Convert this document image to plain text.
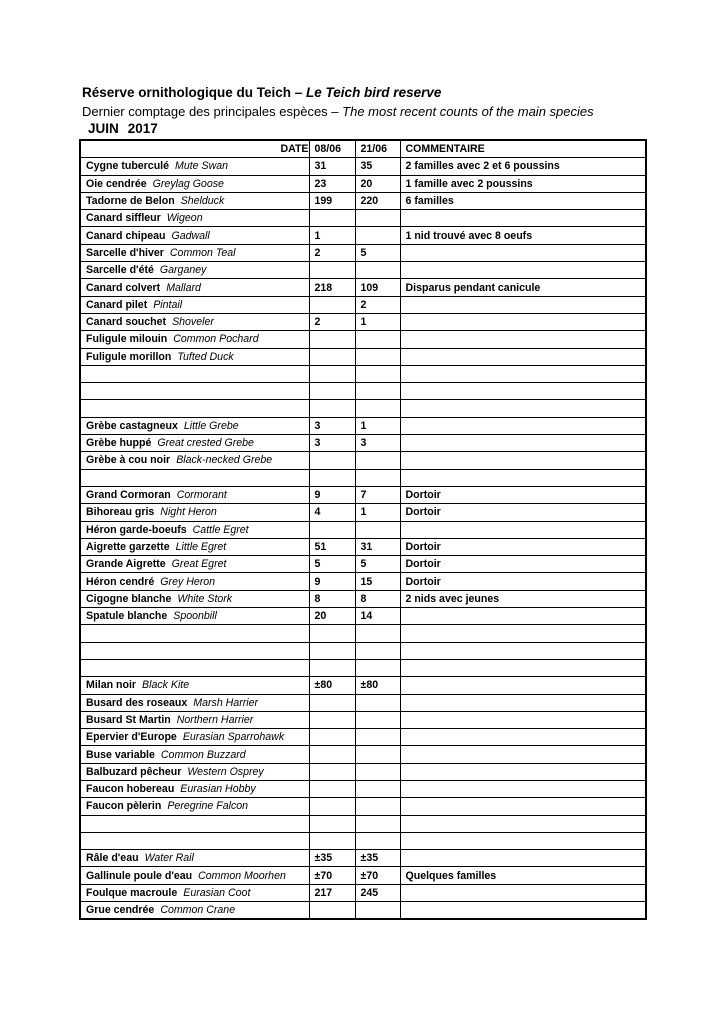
Réserve ornithologique du Teich – Le Teich bird reserve
Dernier comptage des principales espèces – The most recent counts of the main species
JUIN 2017
DATE	08/06	21/06	COMMENTAIRE
Cygne tuberculé Mute Swan	31	35	2 familles avec 2 et 6 poussins
Oie cendrée Greylag Goose	23	20	1 famille avec 2 poussins
Tadorne de Belon Shelduck	199	220	6 familles
Canard siffleur Wigeon			
Canard chipeau Gadwall	1		1 nid trouvé avec 8 oeufs
Sarcelle d'hiver Common Teal	2	5	
Sarcelle d'été Garganey			
Canard colvert Mallard	218	109	Disparus pendant canicule
Canard pilet Pintail		2	
Canard souchet Shoveler	2	1	
Fuligule milouin Common Pochard			
Fuligule morillon Tufted Duck			

Grèbe castagneux Little Grebe	3	1	
Grèbe huppé Great crested Grebe	3	3	
Grèbe à cou noir Black-necked Grebe			

Grand Cormoran Cormorant	9	7	Dortoir
Bihoreau gris Night Heron	4	1	Dortoir
Héron garde-boeufs Cattle Egret			
Aigrette garzette Little Egret	51	31	Dortoir
Grande Aigrette Great Egret	5	5	Dortoir
Héron cendré Grey Heron	9	15	Dortoir
Cigogne blanche White Stork	8	8	2 nids avec jeunes
Spatule blanche Spoonbill	20	14	

Milan noir Black Kite	±80	±80	
Busard des roseaux Marsh Harrier			
Busard St Martin Northern Harrier			
Epervier d'Europe Eurasian Sparrohawk			
Buse variable Common Buzzard			
Balbuzard pêcheur Western Osprey			
Faucon hobereau Eurasian Hobby			
Faucon pèlerin Peregrine Falcon			

Râle d'eau Water Rail	±35	±35	
Gallinule poule d'eau Common Moorhen	±70	±70	Quelques familles
Foulque macroule Eurasian Coot	217	245	
Grue cendrée Common Crane			
